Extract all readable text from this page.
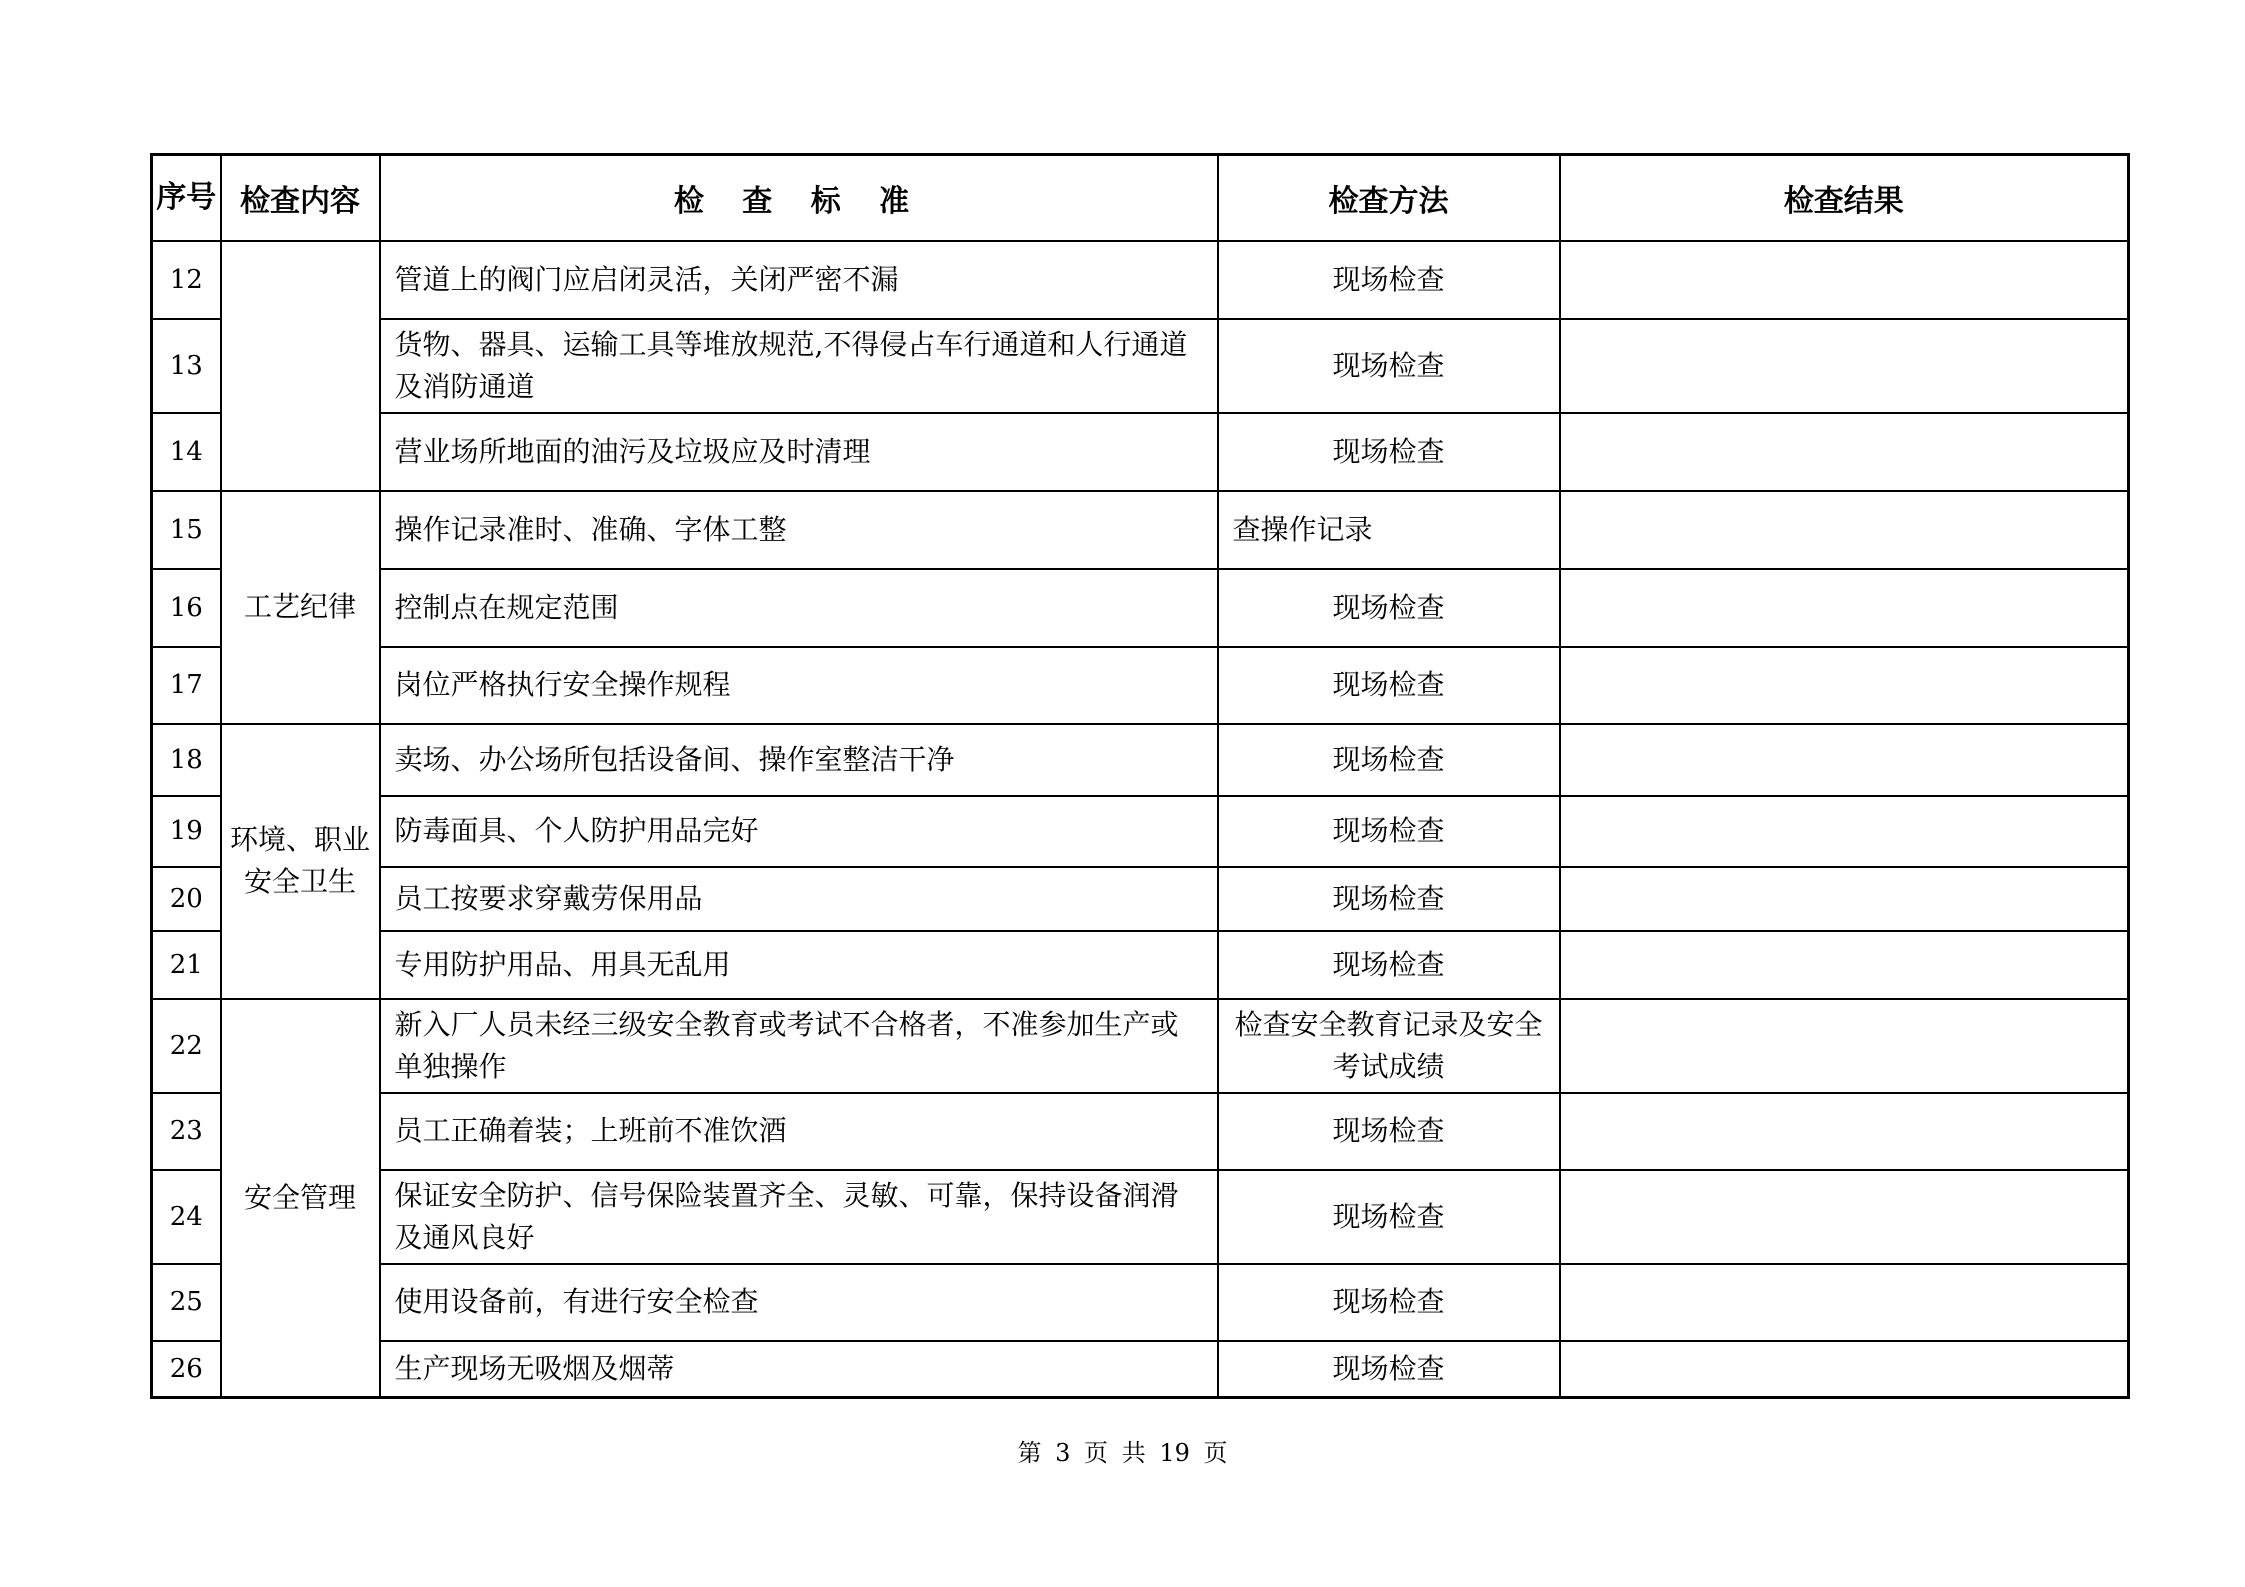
序号	检查内容	检 查 标 准	检查方法	检查结果
12		管道上的阀门应启闭灵活，关闭严密不漏	现场检查	
13		货物、器具、运输工具等堆放规范,不得侵占车行通道和人行通道及消防通道	现场检查	
14		营业场所地面的油污及垃圾应及时清理	现场检查	
15	工艺纪律	操作记录准时、准确、字体工整	查操作记录	
16		控制点在规定范围	现场检查	
17		岗位严格执行安全操作规程	现场检查	
18	环境、职业安全卫生	卖场、办公场所包括设备间、操作室整洁干净	现场检查	
19		防毒面具、个人防护用品完好	现场检查	
20		员工按要求穿戴劳保用品	现场检查	
21		专用防护用品、用具无乱用	现场检查	
22	安全管理	新入厂人员未经三级安全教育或考试不合格者，不准参加生产或单独操作	检查安全教育记录及安全考试成绩	
23		员工正确着装；上班前不准饮酒	现场检查	
24		保证安全防护、信号保险装置齐全、灵敏、可靠，保持设备润滑及通风良好	现场检查	
25		使用设备前，有进行安全检查	现场检查	
26		生产现场无吸烟及烟蒂	现场检查	
第 3 页 共 19 页
